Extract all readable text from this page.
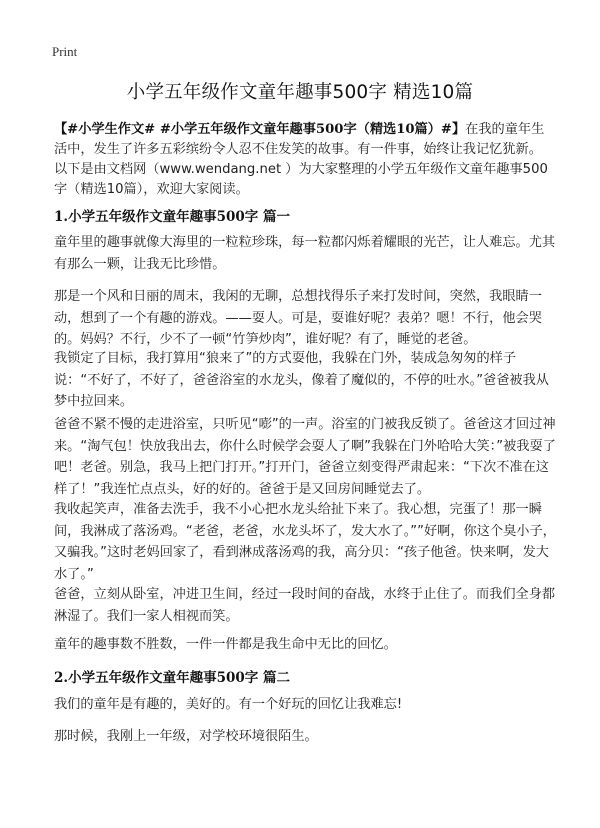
Print
小学五年级作文童年趣事500字 精选10篇
【#小学生作文# #小学五年级作文童年趣事500字（精选10篇）#】在我的童年生活中，发生了许多五彩缤纷令人忍不住发笑的故事。有一件事，始终让我记忆犹新。以下是由文档网（www.wendang.net ）为大家整理的小学五年级作文童年趣事500字（精选10篇），欢迎大家阅读。
1.小学五年级作文童年趣事500字 篇一
童年里的趣事就像大海里的一粒粒珍珠，每一粒都闪烁着耀眼的光芒，让人难忘。尤其有那么一颗，让我无比珍惜。
那是一个风和日丽的周末，我闲的无聊，总想找得乐子来打发时间，突然，我眼睛一动，想到了一个有趣的游戏。——耍人。可是，耍谁好呢？表弟？嗯！不行，他会哭的。妈妈？不行，少不了一顿“竹笋炒肉”，谁好呢？有了，睡觉的老爸。
我锁定了目标，我打算用“狼来了”的方式耍他，我躲在门外，装成急匆匆的样子说：“不好了，不好了，爸爸浴室的水龙头，像着了魔似的，不停的吐水。”爸爸被我从梦中拉回来。
爸爸不紧不慢的走进浴室，只听见“嘭”的一声。浴室的门被我反锁了。爸爸这才回过神来。“淘气包！快放我出去，你什么时候学会耍人了啊”我躲在门外哈哈大笑：”被我耍了吧！老爸。别急，我马上把门打开。”打开门，爸爸立刻变得严肃起来：“下次不准在这样了！”我连忙点点头，好的好的。爸爸于是又回房间睡觉去了。
我收起笑声，准备去洗手，我不小心把水龙头给扯下来了。我心想，完蛋了！那一瞬间，我淋成了落汤鸡。“老爸，老爸，水龙头坏了，发大水了。””好啊，你这个臭小子，又骗我。”这时老妈回家了，看到淋成落汤鸡的我，高分贝：“孩子他爸。快来啊，发大水了。”
爸爸，立刻从卧室，冲进卫生间，经过一段时间的奋战，水终于止住了。而我们全身都淋湿了。我们一家人相视而笑。
童年的趣事数不胜数，一件一件都是我生命中无比的回忆。
2.小学五年级作文童年趣事500字 篇二
我们的童年是有趣的，美好的。有一个好玩的回忆让我难忘!
那时候，我刚上一年级，对学校环境很陌生。
